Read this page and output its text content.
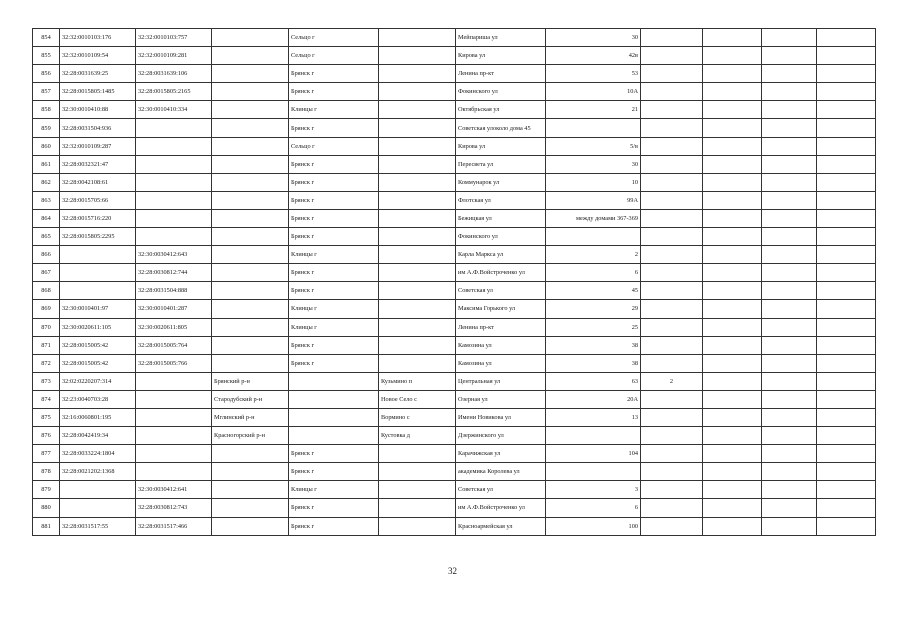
854	32:32:0010103:176	32:32:0010103:757		Сельцо г		Мейпариша ул	30				
855	32:32:0010109:54	32:32:0010109:281		Сельцо г		Кирова ул	42в				
856	32:28:0031639:25	32:28:0031639:106		Брянск г		Ленина пр-кт	53				
857	32:28:0015805:1485	32:28:0015805:2165		Брянск г		Фокинского ул	10А				
858	32:30:0010410:88	32:30:0010410:334		Клинцы г		Октябрьская ул	21				
859	32:28:0031504:936			Брянск г		Советская улоколо дома 45					
860	32:32:0010109:287			Сельцо г		Кирова ул	5/в				
861	32:28:0032321:47			Брянск г		Пересвета ул	30				
862	32:28:0042108:61			Брянск г		Коммунарок ул	10				
863	32:28:0015705:66			Брянск г		Флотская ул	99А				
864	32:28:0015716:220			Брянск г		Бежицкая ул	между домами 367-369				
865	32:28:0015805:2295			Брянск г		Фокинского ул					
866		32:30:0030412:643		Клинцы г		Карла Маркса ул	2				
867		32:28:0030812:744		Брянск г		им А.Ф.Войстроченко ул	6				
868		32:28:0031504:888		Брянск г		Советская ул	45				
869	32:30:0010401:97	32:30:0010401:287		Клинцы г		Максима Горького ул	29				
870	32:30:0020611:105	32:30:0020611:805		Клинцы г		Ленина пр-кт	25				
871	32:28:0015005:42	32:28:0015005:764		Брянск г		Камозина ул	38				
872	32:28:0015005:42	32:28:0015005:766		Брянск г		Камозина ул	38				
873	32:02:0220207:314		Брянский р-н		Кузьмино п	Центральная ул	63	2			
874	32:23:0040703:28		Стародубский р-н		Новое Село с	Озерная ул	20А				
875	32:16:0060801:195		Мглинский р-н		Вормино с	Имени Новикова ул	13				
876	32:28:0042419:34		Красногорский р-н		Кустовка д	Дзержинского ул					
877	32:28:0033224:1804			Брянск г		Карачижская ул	104				
878	32:28:0021202:1368			Брянск г		академика Королева ул					
879		32:30:0030412:641		Клинцы г		Советская ул	3				
880		32:28:0030812:743		Брянск г		им А.Ф.Войстроченко ул	6				
881	32:28:0031517:55	32:28:0031517:466		Брянск г		Красноармейская ул	100				
32
